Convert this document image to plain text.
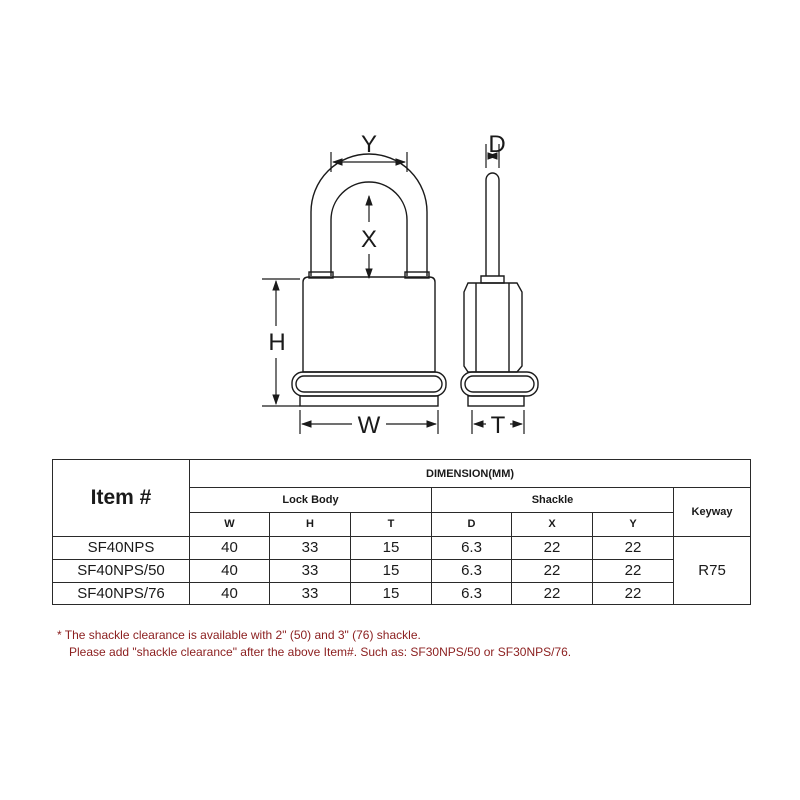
Y
X
H
W
D
T
Item #	DIMENSION(MM)						
	Lock Body			Shackle			Keyway
	W	H	T	D	X	Y	
SF40NPS	40	33	15	6.3	22	22	R75
SF40NPS/50	40	33	15	6.3	22	22	
SF40NPS/76	40	33	15	6.3	22	22	
* The shackle clearance is available with 2" (50) and 3" (76) shackle.
Please add "shackle clearance" after the above Item#. Such as: SF30NPS/50 or SF30NPS/76.
